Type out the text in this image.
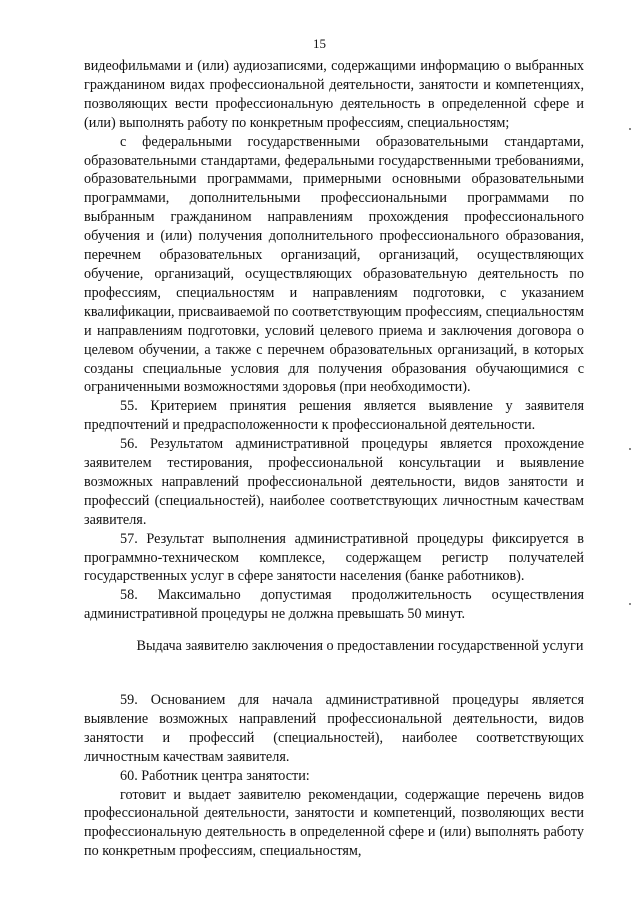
15

видеофильмами и (или) аудиозаписями, содержащими информацию о выбранных гражданином видах профессиональной деятельности, занятости и компетенциях, позволяющих вести профессиональную деятельность в определенной сфере и (или) выполнять работу по конкретным профессиям, специальностям;

с федеральными государственными образовательными стандартами, образовательными стандартами, федеральными государственными требованиями, образовательными программами, примерными основными образовательными программами, дополнительными профессиональными программами по выбранным гражданином направлениям прохождения профессионального обучения и (или) получения дополнительного профессионального образования, перечнем образовательных организаций, организаций, осуществляющих обучение, организаций, осуществляющих образовательную деятельность по профессиям, специальностям и направлениям подготовки, с указанием квалификации, присваиваемой по соответствующим профессиям, специальностям и направлениям подготовки, условий целевого приема и заключения договора о целевом обучении, а также с перечнем образовательных организаций, в которых созданы специальные условия для получения образования обучающимися с ограниченными возможностями здоровья (при необходимости).

55. Критерием принятия решения является выявление у заявителя предпочтений и предрасположенности к профессиональной деятельности.

56. Результатом административной процедуры является прохождение заявителем тестирования, профессиональной консультации и выявление возможных направлений профессиональной деятельности, видов занятости и профессий (специальностей), наиболее соответствующих личностным качествам заявителя.

57. Результат выполнения административной процедуры фиксируется в программно-техническом комплексе, содержащем регистр получателей государственных услуг в сфере занятости населения (банке работников).

58. Максимально допустимая продолжительность осуществления административной процедуры не должна превышать 50 минут.

Выдача заявителю заключения о предоставлении государственной услуги

59. Основанием для начала административной процедуры является выявление возможных направлений профессиональной деятельности, видов занятости и профессий (специальностей), наиболее соответствующих личностным качествам заявителя.

60. Работник центра занятости:

готовит и выдает заявителю рекомендации, содержащие перечень видов профессиональной деятельности, занятости и компетенций, позволяющих вести профессиональную деятельность в определенной сфере и (или) выполнять работу по конкретным профессиям, специальностям,
